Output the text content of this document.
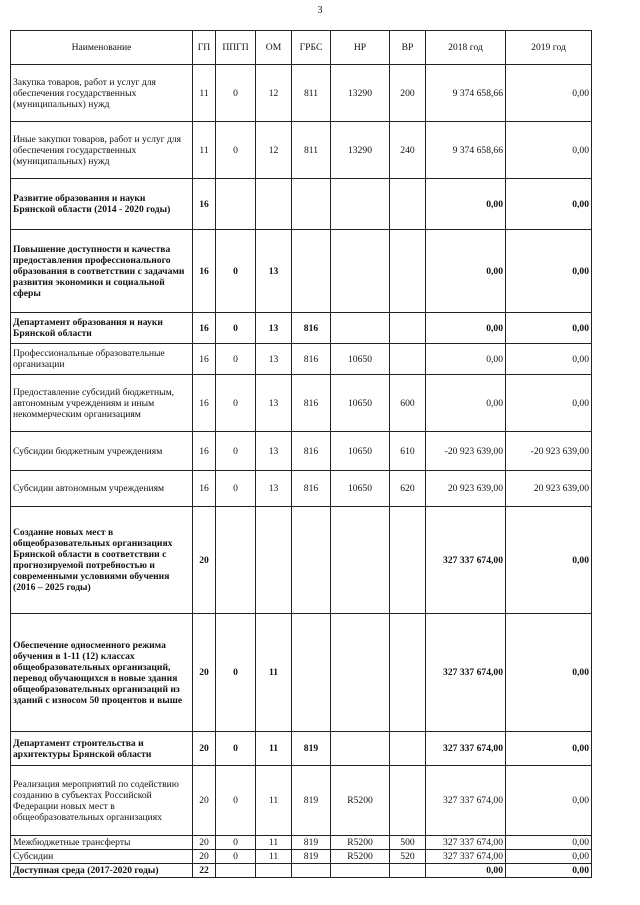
3
Наименование	ГП	ППГП	ОМ	ГРБС	НР	ВР	2018 год	2019 год
Закупка товаров, работ и услуг для обеспечения государственных (муниципальных) нужд	11	0	12	811	13290	200	9 374 658,66	0,00
Иные закупки товаров, работ и услуг для обеспечения государственных (муниципальных) нужд	11	0	12	811	13290	240	9 374 658,66	0,00
Развитие образования и науки Брянской области (2014 - 2020 годы)	16						0,00	0,00
Повышение доступности и качества предоставления профессионального образования в соответствии с задачами развития экономики и социальной сферы	16	0	13				0,00	0,00
Департамент образования и науки Брянской области	16	0	13	816			0,00	0,00
Профессиональные образовательные организации	16	0	13	816	10650		0,00	0,00
Предоставление субсидий бюджетным, автономным учреждениям и иным некоммерческим организациям	16	0	13	816	10650	600	0,00	0,00
Субсидии бюджетным учреждениям	16	0	13	816	10650	610	-20 923 639,00	-20 923 639,00
Субсидии автономным учреждениям	16	0	13	816	10650	620	20 923 639,00	20 923 639,00
Создание новых мест в общеобразовательных организациях Брянской области в соответствии с прогнозируемой потребностью и современными условиями обучения (2016 – 2025 годы)	20						327 337 674,00	0,00
Обеспечение односменного режима обучения в 1-11 (12) классах общеобразовательных организаций, перевод обучающихся в новые здания общеобразовательных организаций из зданий с износом 50 процентов и выше	20	0	11				327 337 674,00	0,00
Департамент строительства и архитектуры Брянской области	20	0	11	819			327 337 674,00	0,00
Реализация мероприятий по содействию созданию в субъектах Российской Федерации новых мест в общеобразовательных организациях	20	0	11	819	R5200		327 337 674,00	0,00
Межбюджетные трансферты	20	0	11	819	R5200	500	327 337 674,00	0,00
Субсидии	20	0	11	819	R5200	520	327 337 674,00	0,00
Доступная среда (2017-2020 годы)	22						0,00	0,00
